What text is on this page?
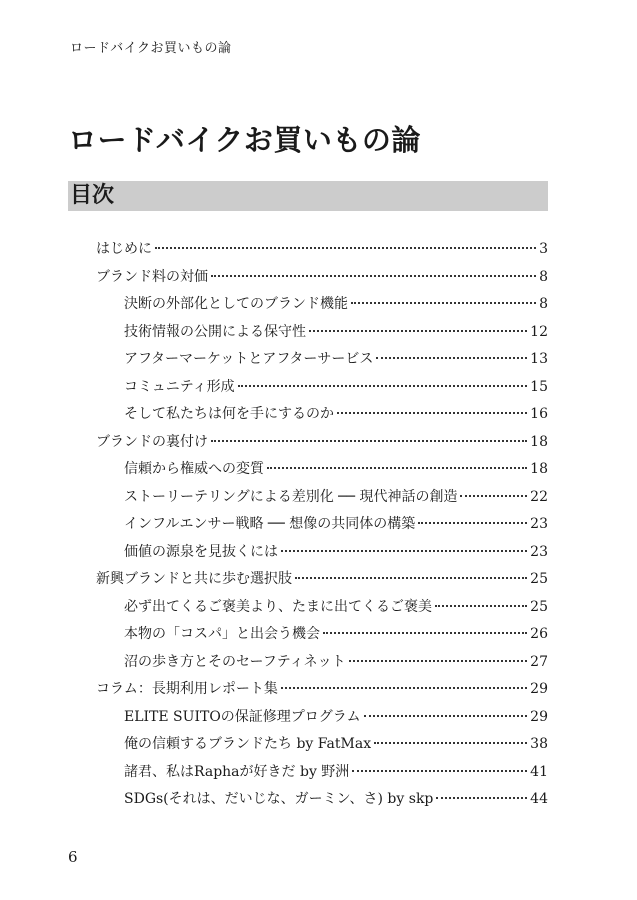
ロードバイクお買いもの論
ロードバイクお買いもの論
目次
はじめに	3
ブランド料の対価	8
決断の外部化としてのブランド機能	8
技術情報の公開による保守性	12
アフターマーケットとアフターサービス	13
コミュニティ形成	15
そして私たちは何を手にするのか	16
ブランドの裏付け	18
信頼から権威への変質	18
ストーリーテリングによる差別化 ── 現代神話の創造	22
インフルエンサー戦略 ── 想像の共同体の構築	23
価値の源泉を見抜くには	23
新興ブランドと共に歩む選択肢	25
必ず出てくるご褒美より、たまに出てくるご褒美	25
本物の「コスパ」と出会う機会	26
沼の歩き方とそのセーフティネット	27
コラム：長期利用レポート集	29
ELITE SUITOの保証修理プログラム	29
俺の信頼するブランドたち by FatMax	38
諸君、私はRaphaが好きだ by 野洲	41
SDGs(それは、だいじな、ガーミン、さ) by skp	44
6
